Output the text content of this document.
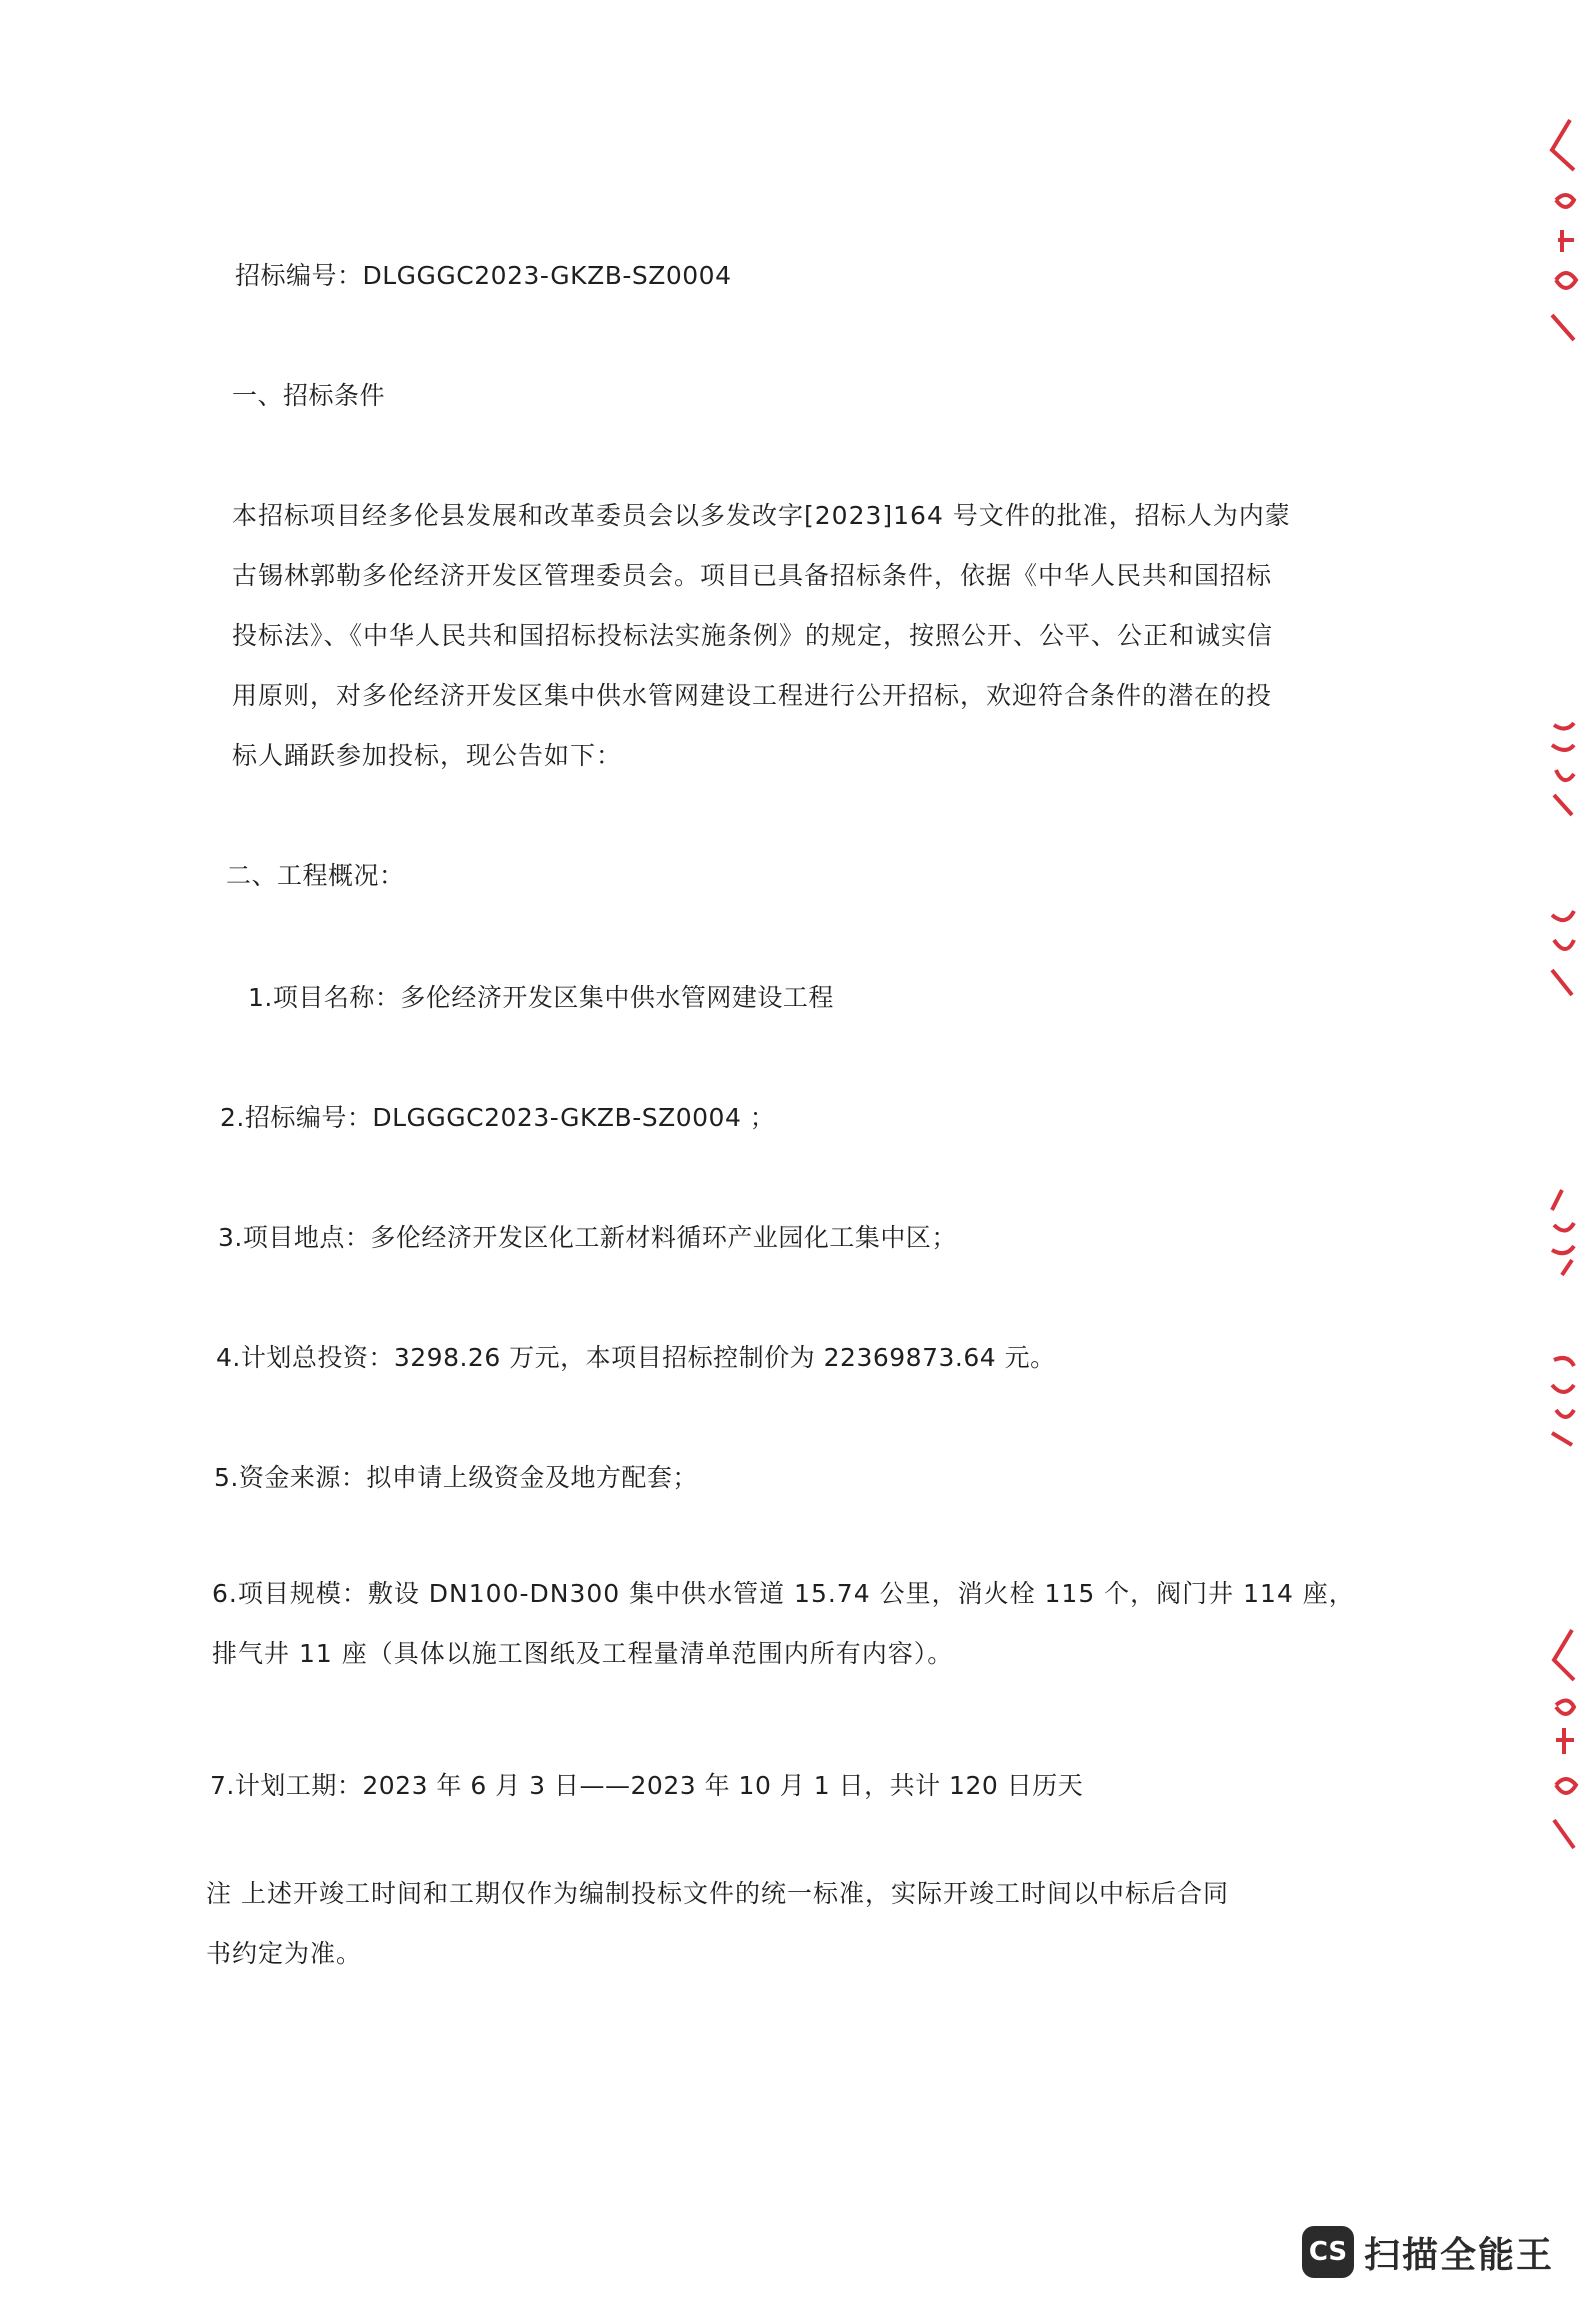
招标编号：DLGGGC2023-GKZB-SZ0004
一、招标条件
本招标项目经多伦县发展和改革委员会以多发改字[2023]164 号文件的批准，招标人为内蒙
古锡林郭勒多伦经济开发区管理委员会。项目已具备招标条件，依据《中华人民共和国招标
投标法》、《中华人民共和国招标投标法实施条例》的规定，按照公开、公平、公正和诚实信
用原则，对多伦经济开发区集中供水管网建设工程进行公开招标，欢迎符合条件的潜在的投
标人踊跃参加投标，现公告如下：
二、工程概况：
1.项目名称：多伦经济开发区集中供水管网建设工程
2.招标编号：DLGGGC2023-GKZB-SZ0004 ；
3.项目地点：多伦经济开发区化工新材料循环产业园化工集中区；
4.计划总投资：3298.26 万元，本项目招标控制价为 22369873.64 元。
5.资金来源：拟申请上级资金及地方配套；
6.项目规模：敷设 DN100-DN300 集中供水管道 15.74 公里，消火栓 115 个，阀门井 114 座，
排气井 11 座（具体以施工图纸及工程量清单范围内所有内容）。
7.计划工期：2023 年 6 月 3 日——2023 年 10 月 1 日，共计 120 日历天
注 上述开竣工时间和工期仅作为编制投标文件的统一标准，实际开竣工时间以中标后合同
书约定为准。
CS 扫描全能王
